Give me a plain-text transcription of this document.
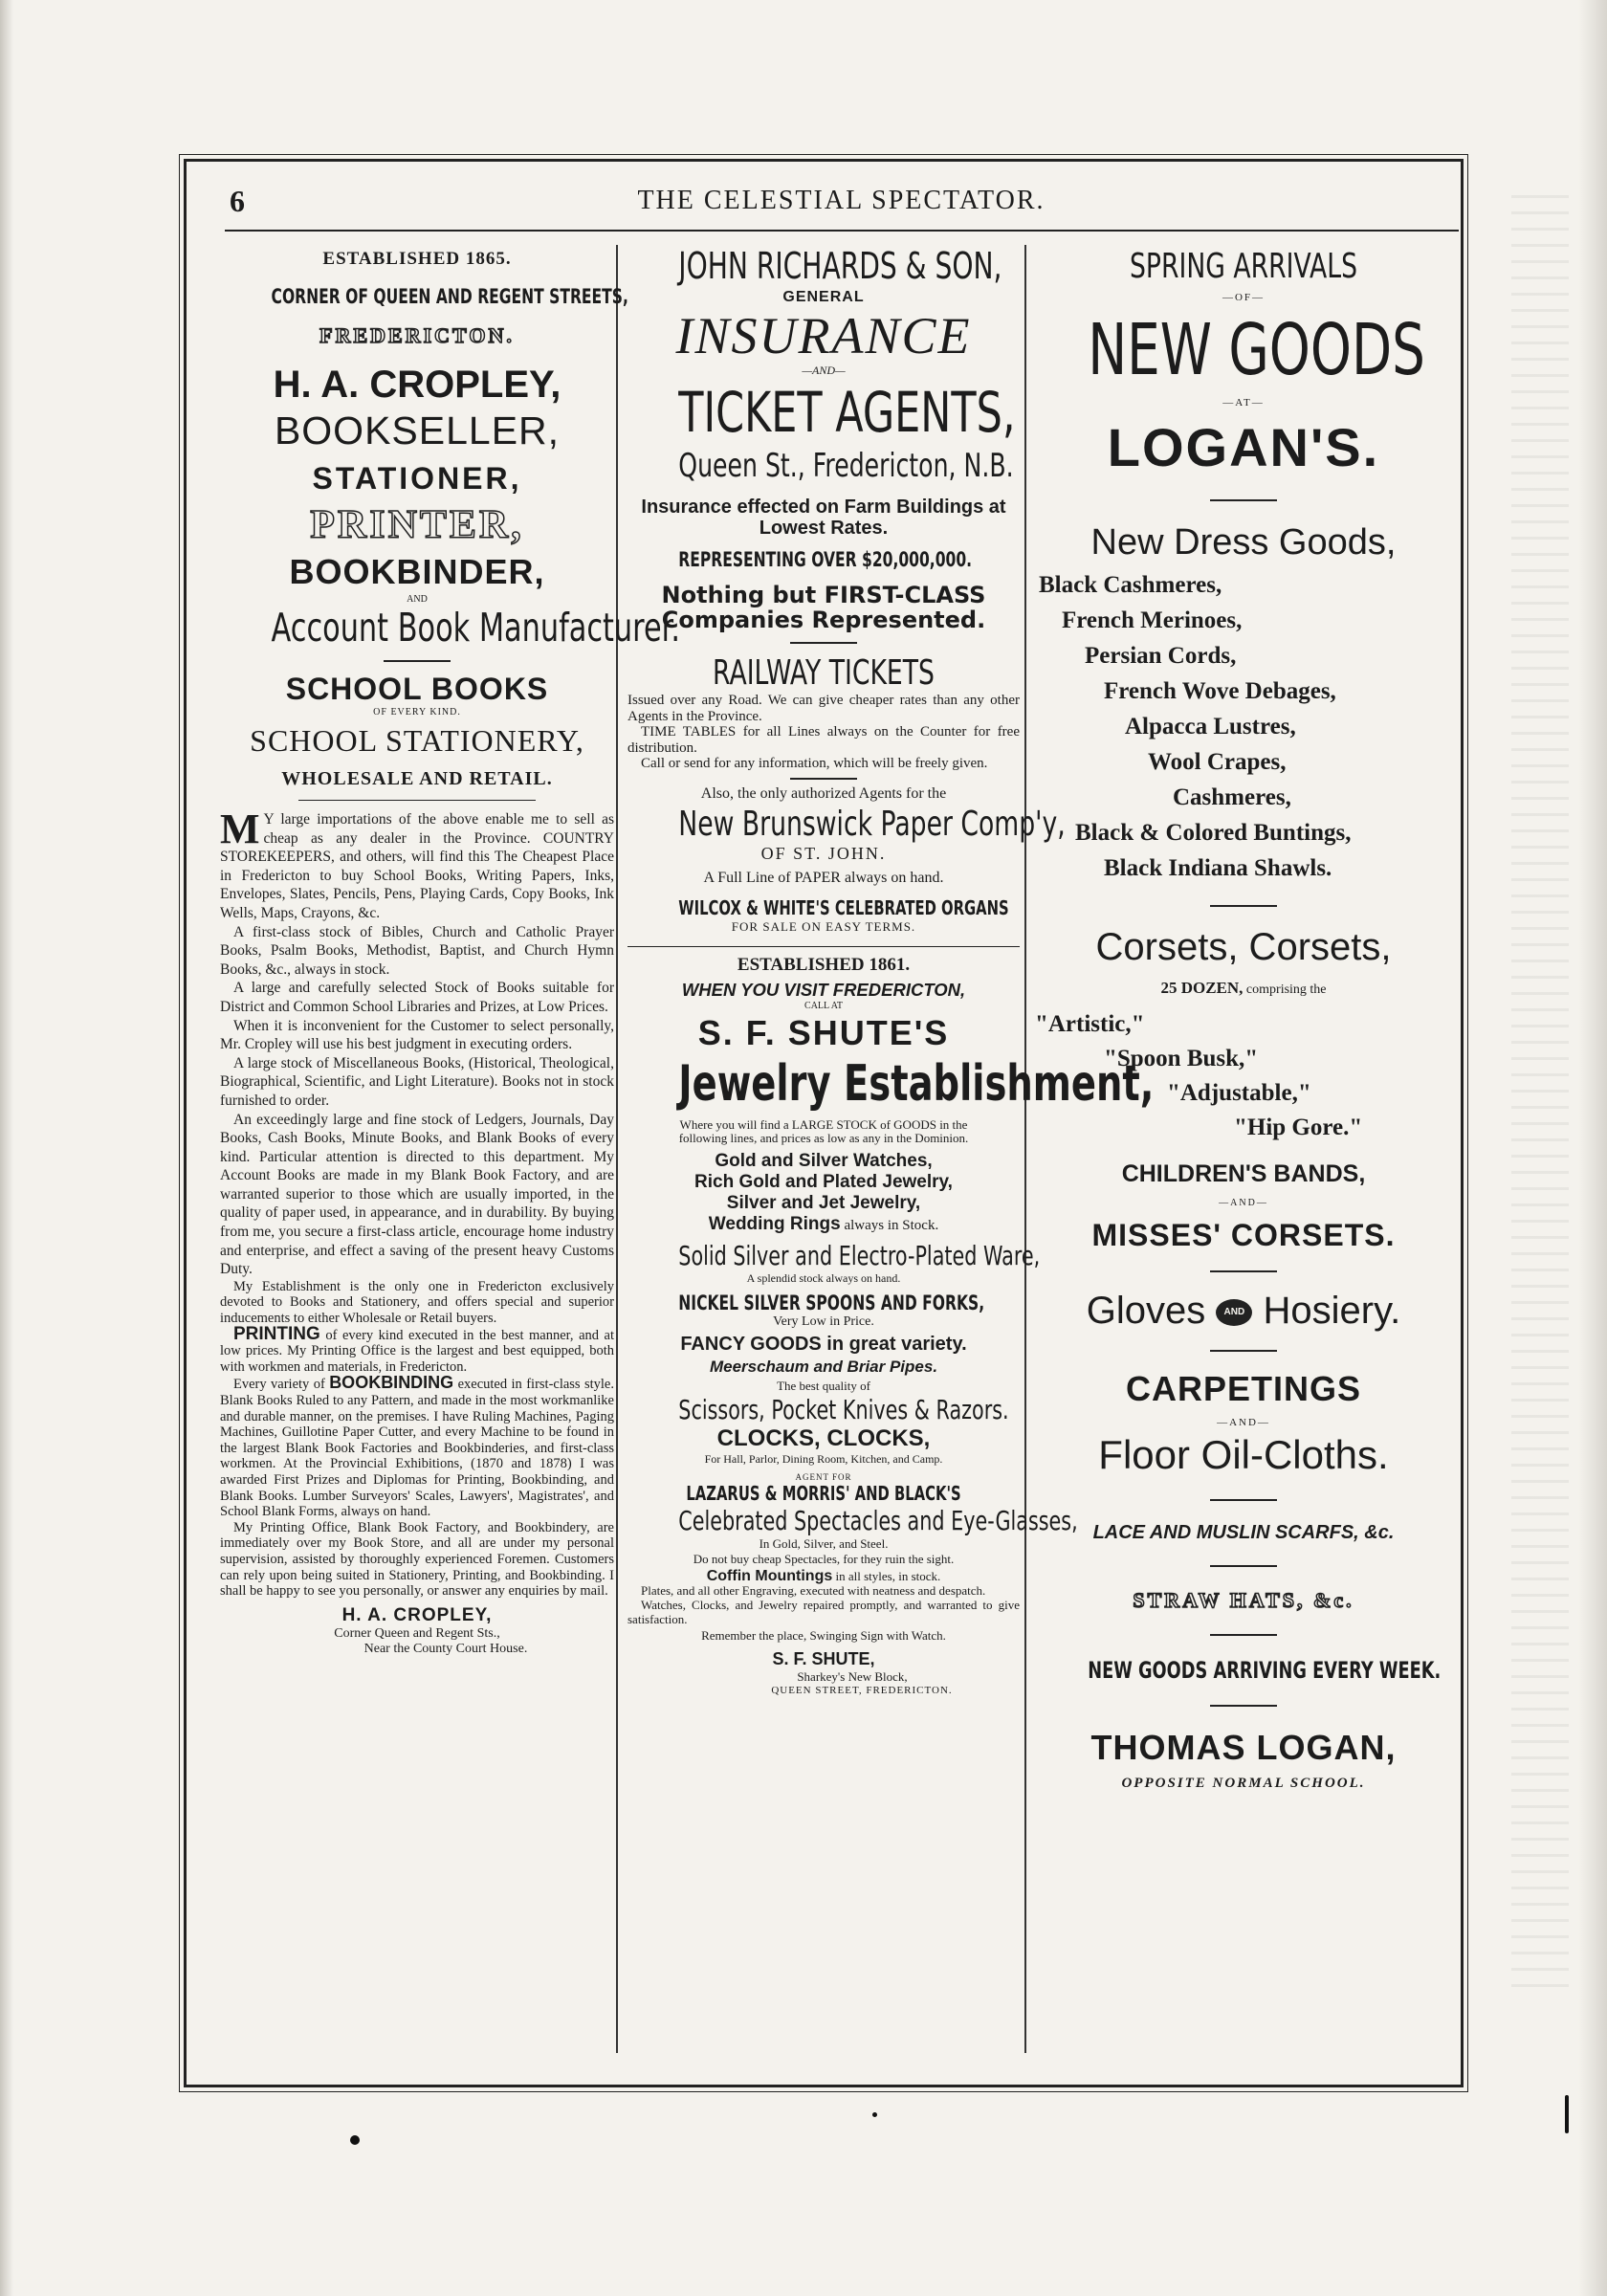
6	THE CELESTIAL SPECTATOR.
ESTABLISHED 1865.
CORNER OF QUEEN AND REGENT STREETS,
FREDERICTON.
H. A. CROPLEY,
BOOKSELLER,
STATIONER,
PRINTER,
BOOKBINDER,
AND
Account Book Manufacturer.
SCHOOL BOOKS
OF EVERY KIND.
SCHOOL STATIONERY,
WHOLESALE AND RETAIL.
M Y large importations of the above enable me to sell as cheap as any dealer in the Province. COUNTRY STOREKEEPERS, and others, will find this The Cheapest Place in Fredericton to buy School Books, Writing Papers, Inks, Envelopes, Slates, Pencils, Pens, Playing Cards, Copy Books, Ink Wells, Maps, Crayons, &c.
A first-class stock of Bibles, Church and Catholic Prayer Books, Psalm Books, Methodist, Baptist, and Church Hymn Books, &c., always in stock.
A large and carefully selected Stock of Books suitable for District and Common School Libraries and Prizes, at Low Prices.
When it is inconvenient for the Customer to select personally, Mr. Cropley will use his best judgment in executing orders.
A large stock of Miscellaneous Books, (Historical, Theological, Biographical, Scientific, and Light Literature). Books not in stock furnished to order.
An exceedingly large and fine stock of Ledgers, Journals, Day Books, Cash Books, Minute Books, and Blank Books of every kind. Particular attention is directed to this department. My Account Books are made in my Blank Book Factory, and are warranted superior to those which are usually imported, in the quality of paper used, in appearance, and in durability. By buying from me, you secure a first-class article, encourage home industry and enterprise, and effect a saving of the present heavy Customs Duty.
My Establishment is the only one in Fredericton exclusively devoted to Books and Stationery, and offers special and superior inducements to either Wholesale or Retail buyers.
PRINTING of every kind executed in the best manner, and at low prices. My Printing Office is the largest and best equipped, both with workmen and materials, in Fredericton.
Every variety of BOOKBINDING executed in first-class style. Blank Books Ruled to any Pattern, and made in the most workmanlike and durable manner, on the premises. I have Ruling Machines, Paging Machines, Guillotine Paper Cutter, and every Machine to be found in the largest Blank Book Factories and Bookbinderies, and first-class workmen. At the Provincial Exhibitions, (1870 and 1878) I was awarded First Prizes and Diplomas for Printing, Bookbinding, and Blank Books. Lumber Surveyors' Scales, Lawyers', Magistrates', and School Blank Forms, always on hand.
My Printing Office, Blank Book Factory, and Bookbindery, are immediately over my Book Store, and all are under my personal supervision, assisted by thoroughly experienced Foremen. Customers can rely upon being suited in Stationery, Printing, and Bookbinding. I shall be happy to see you personally, or answer any enquiries by mail.
H. A. CROPLEY,
Corner Queen and Regent Sts.,
Near the County Court House.
JOHN RICHARDS & SON,
GENERAL
INSURANCE
—AND—
TICKET AGENTS,
Queen St., Fredericton, N.B.
Insurance effected on Farm Buildings at Lowest Rates.
REPRESENTING OVER $20,000,000.
Nothing but FIRST-CLASS Companies Represented.
RAILWAY TICKETS
Issued over any Road. We can give cheaper rates than any other Agents in the Province.
TIME TABLES for all Lines always on the Counter for free distribution.
Call or send for any information, which will be freely given.
Also, the only authorized Agents for the
New Brunswick Paper Comp'y,
OF ST. JOHN.
A Full Line of PAPER always on hand.
WILCOX & WHITE'S CELEBRATED ORGANS
FOR SALE ON EASY TERMS.
ESTABLISHED 1861.
WHEN YOU VISIT FREDERICTON,
CALL AT
S. F. SHUTE'S
Jewelry Establishment,
Where you will find a LARGE STOCK of GOODS in the following lines, and prices as low as any in the Dominion.
Gold and Silver Watches,
Rich Gold and Plated Jewelry,
Silver and Jet Jewelry,
Wedding Rings always in Stock.
Solid Silver and Electro-Plated Ware,
A splendid stock always on hand.
NICKEL SILVER SPOONS AND FORKS,
Very Low in Price.
FANCY GOODS in great variety.
Meerschaum and Briar Pipes.
The best quality of
Scissors, Pocket Knives & Razors.
CLOCKS, CLOCKS,
For Hall, Parlor, Dining Room, Kitchen, and Camp.
AGENT FOR
LAZARUS & MORRIS' AND BLACK'S
Celebrated Spectacles and Eye-Glasses,
In Gold, Silver, and Steel.
Do not buy cheap Spectacles, for they ruin the sight.
Coffin Mountings in all styles, in stock.
Plates, and all other Engraving, executed with neatness and despatch.
Watches, Clocks, and Jewelry repaired promptly, and warranted to give satisfaction.
Remember the place, Swinging Sign with Watch.
S. F. SHUTE,
Sharkey's New Block,
QUEEN STREET, FREDERICTON.
SPRING ARRIVALS
—OF—
NEW GOODS
—AT—
LOGAN'S.
New Dress Goods,
Black Cashmeres,
French Merinoes,
Persian Cords,
French Wove Debages,
Alpacca Lustres,
Wool Crapes,
Cashmeres,
Black & Colored Buntings,
Black Indiana Shawls.
Corsets, Corsets,
25 DOZEN, comprising the
"Artistic,"
"Spoon Busk,"
"Adjustable,"
"Hip Gore."
CHILDREN'S BANDS,
—AND—
MISSES' CORSETS.
Gloves AND Hosiery.
CARPETINGS
—AND—
Floor Oil-Cloths.
LACE AND MUSLIN SCARFS, &c.
STRAW HATS, &c.
NEW GOODS ARRIVING EVERY WEEK.
THOMAS LOGAN,
OPPOSITE NORMAL SCHOOL.
